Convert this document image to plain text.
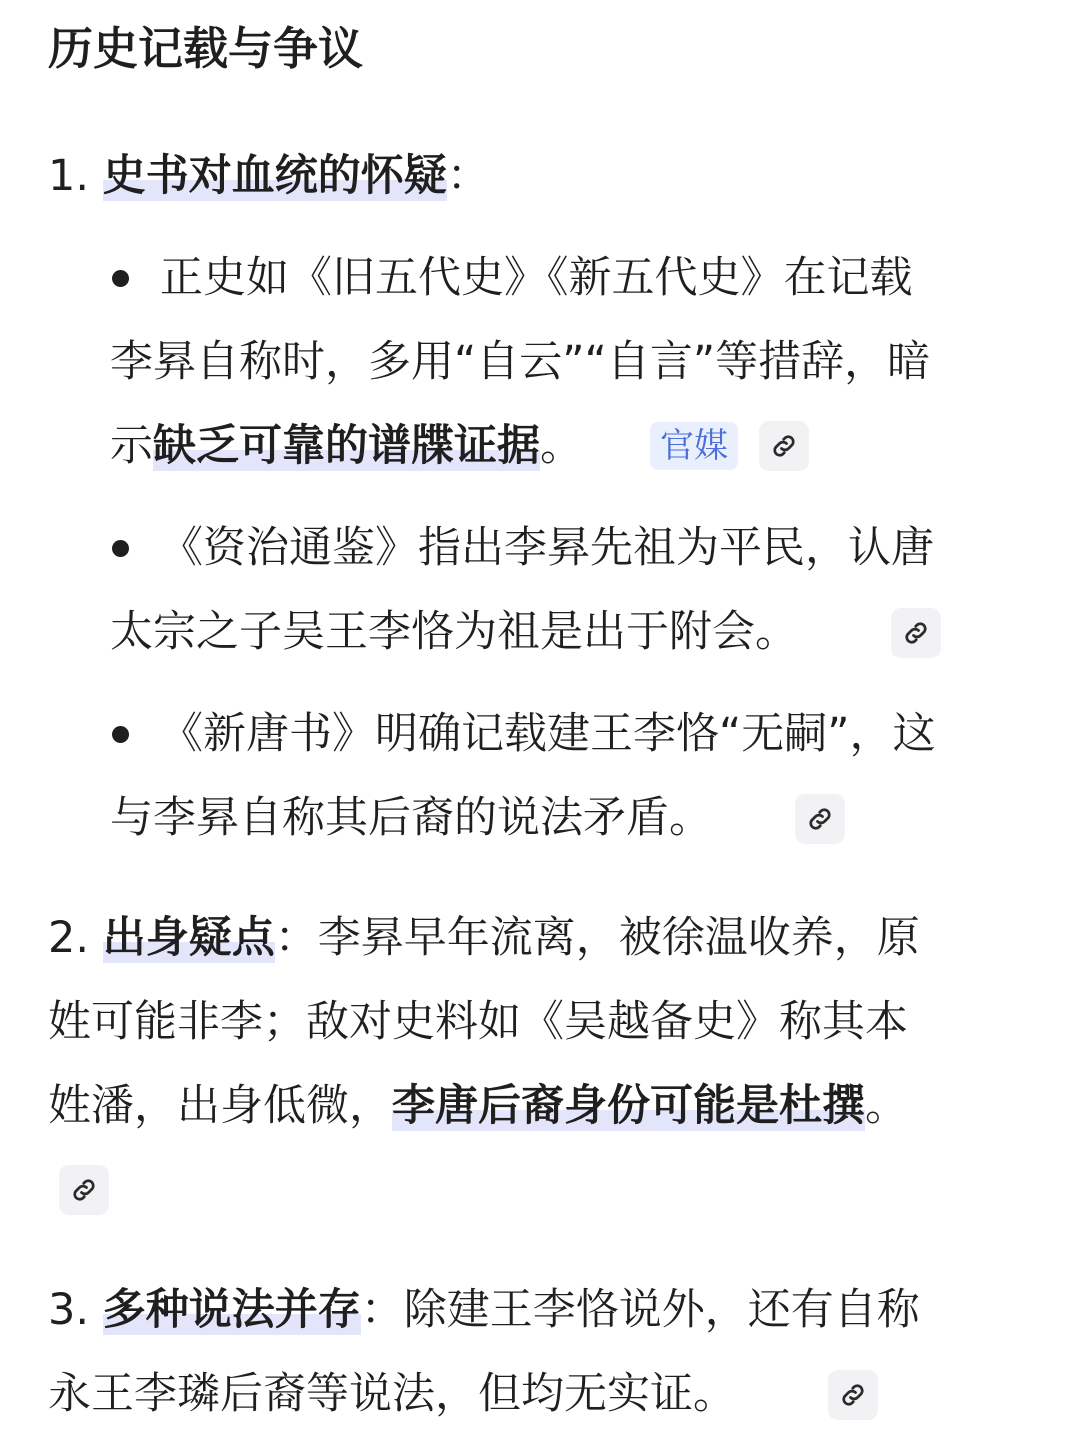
历史记载与争议
1. 史书对血统的怀疑：
正史如《旧五代史》《新五代史》在记载
李昪自称时，多用“自云”“自言”等措辞，暗
示缺乏可靠的谱牒证据。 官媒
《资治通鉴》指出李昪先祖为平民，认唐
太宗之子吴王李恪为祖是出于附会。
《新唐书》明确记载建王李恪“无嗣”，这
与李昪自称其后裔的说法矛盾。
2. 出身疑点：李昪早年流离，被徐温收养，原
姓可能非李；敌对史料如《吴越备史》称其本
姓潘，出身低微，李唐后裔身份可能是杜撰。
3. 多种说法并存：除建王李恪说外，还有自称
永王李璘后裔等说法，但均无实证。
